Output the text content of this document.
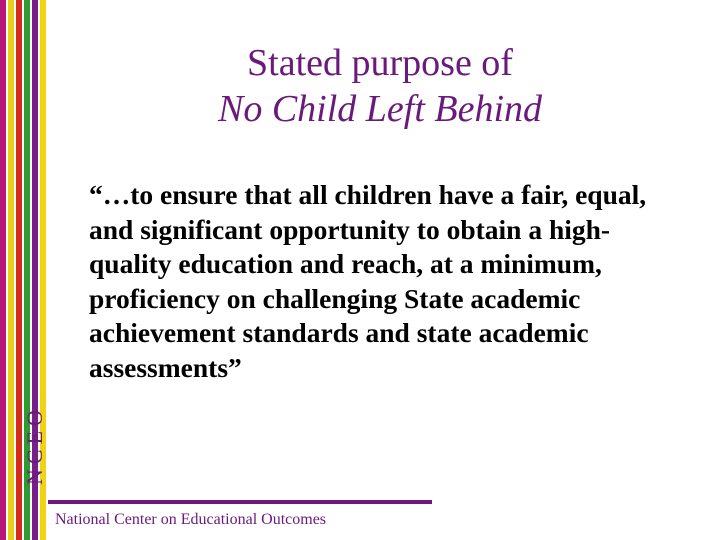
NCEO
Stated purpose of
No Child Left Behind
“…to ensure that all children have a fair, equal, and significant opportunity to obtain a high-quality education and reach, at a minimum, proficiency on challenging State academic achievement standards and state academic assessments”
National Center on Educational Outcomes
